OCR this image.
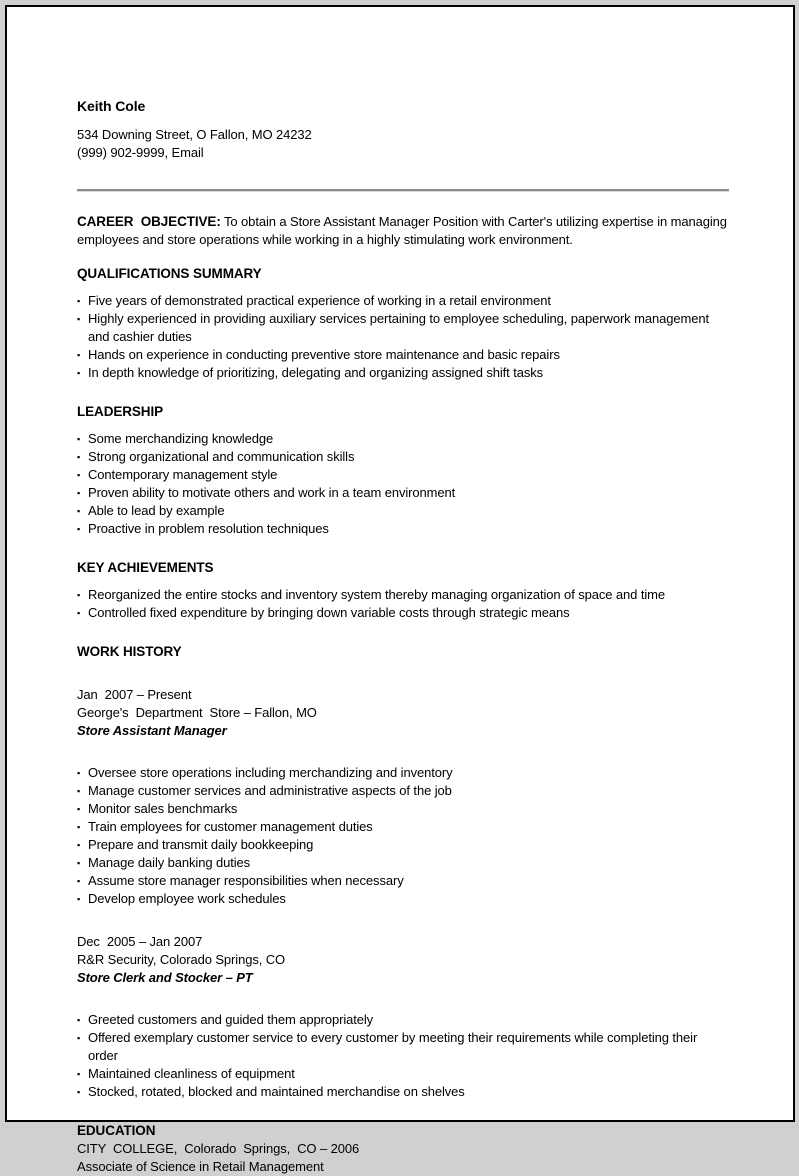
Keith Cole
534 Downing Street, O Fallon, MO 24232
(999) 902-9999, Email

CAREER  OBJECTIVE: To obtain a Store Assistant Manager Position with Carter's utilizing expertise in managing employees and store operations while working in a highly stimulating work environment.

QUALIFICATIONS SUMMARY
▪ Five years of demonstrated practical experience of working in a retail environment
▪ Highly experienced in providing auxiliary services pertaining to employee scheduling, paperwork management and cashier duties
▪ Hands on experience in conducting preventive store maintenance and basic repairs
▪ In depth knowledge of prioritizing, delegating and organizing assigned shift tasks
LEADERSHIP
▪ Some merchandizing knowledge
▪ Strong organizational and communication skills
▪ Contemporary management style
▪ Proven ability to motivate others and work in a team environment
▪ Able to lead by example
▪ Proactive in problem resolution techniques
KEY ACHIEVEMENTS
▪ Reorganized the entire stocks and inventory system thereby managing organization of space and time
▪ Controlled fixed expenditure by bringing down variable costs through strategic means
WORK HISTORY
Jan  2007 – Present
George's  Department  Store – Fallon, MO
Store Assistant Manager
▪ Oversee store operations including merchandizing and inventory
▪ Manage customer services and administrative aspects of the job
▪ Monitor sales benchmarks
▪ Train employees for customer management duties
▪ Prepare and transmit daily bookkeeping
▪ Manage daily banking duties
▪ Assume store manager responsibilities when necessary
▪ Develop employee work schedules
Dec  2005 – Jan 2007
R&R Security, Colorado Springs, CO
Store Clerk and Stocker – PT
▪ Greeted customers and guided them appropriately
▪ Offered exemplary customer service to every customer by meeting their requirements while completing their order
▪ Maintained cleanliness of equipment
▪ Stocked, rotated, blocked and maintained merchandise on shelves
EDUCATION
CITY  COLLEGE,  Colorado  Springs,  CO – 2006
Associate of Science in Retail Management
